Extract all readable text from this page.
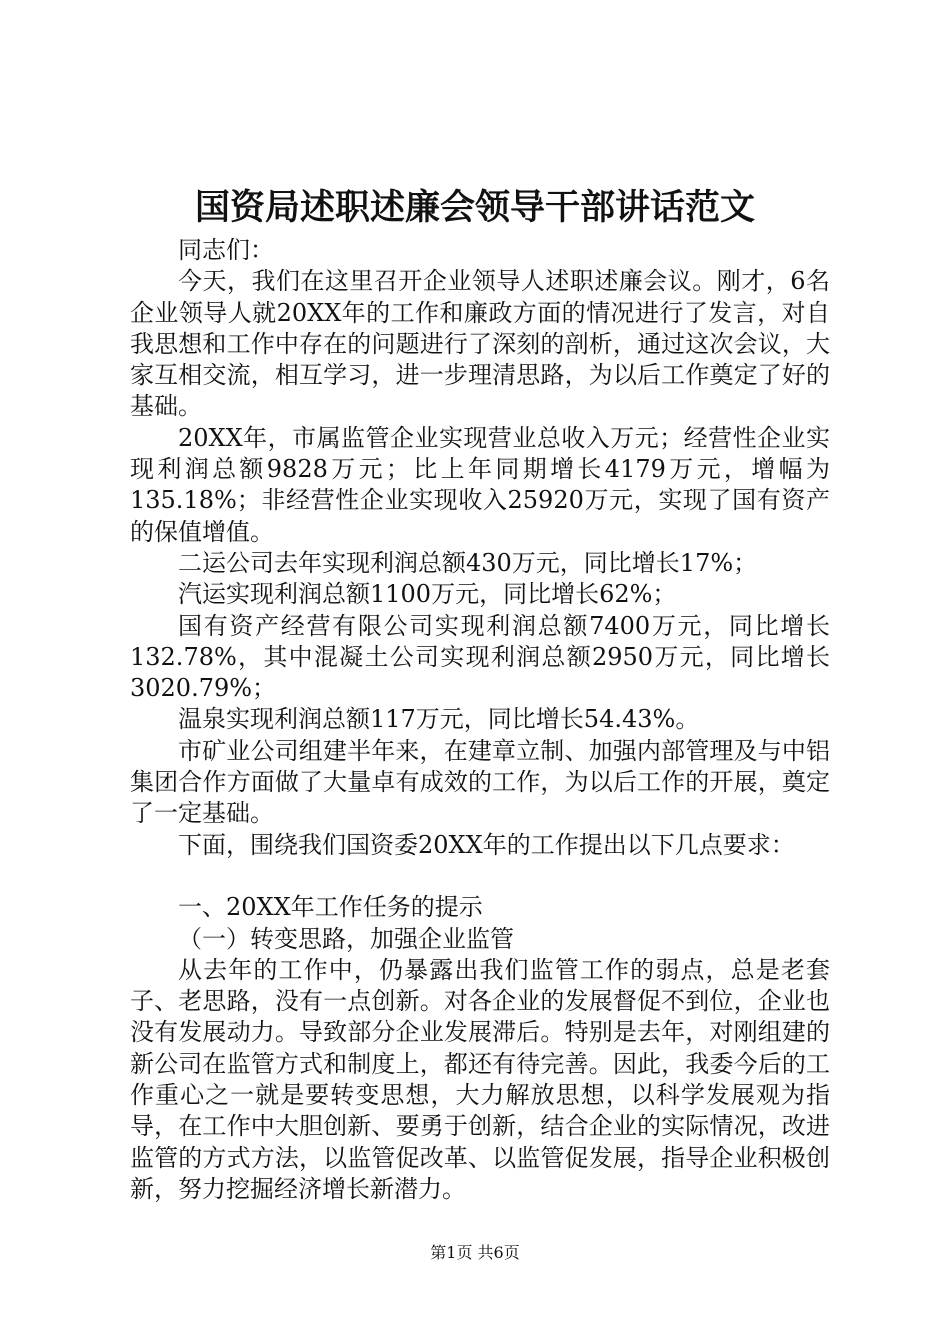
国资局述职述廉会领导干部讲话范文

同志们：

今天，我们在这里召开企业领导人述职述廉会议。刚才，6名企业领导人就20XX年的工作和廉政方面的情况进行了发言，对自我思想和工作中存在的问题进行了深刻的剖析，通过这次会议，大家互相交流，相互学习，进一步理清思路，为以后工作奠定了好的基础。

20XX年，市属监管企业实现营业总收入万元；经营性企业实现利润总额9828万元；比上年同期增长4179万元，增幅为135.18%；非经营性企业实现收入25920万元，实现了国有资产的保值增值。

二运公司去年实现利润总额430万元，同比增长17%；

汽运实现利润总额1100万元，同比增长62%；

国有资产经营有限公司实现利润总额7400万元，同比增长132.78%，其中混凝土公司实现利润总额2950万元，同比增长3020.79%；

温泉实现利润总额117万元，同比增长54.43%。

市矿业公司组建半年来，在建章立制、加强内部管理及与中铝集团合作方面做了大量卓有成效的工作，为以后工作的开展，奠定了一定基础。

下面，围绕我们国资委20XX年的工作提出以下几点要求：

一、20XX年工作任务的提示

（一）转变思路，加强企业监管

从去年的工作中，仍暴露出我们监管工作的弱点，总是老套子、老思路，没有一点创新。对各企业的发展督促不到位，企业也没有发展动力。导致部分企业发展滞后。特别是去年，对刚组建的新公司在监管方式和制度上，都还有待完善。因此，我委今后的工作重心之一就是要转变思想，大力解放思想，以科学发展观为指导，在工作中大胆创新、要勇于创新，结合企业的实际情况，改进监管的方式方法，以监管促改革、以监管促发展，指导企业积极创新，努力挖掘经济增长新潜力。

第1页 共6页
